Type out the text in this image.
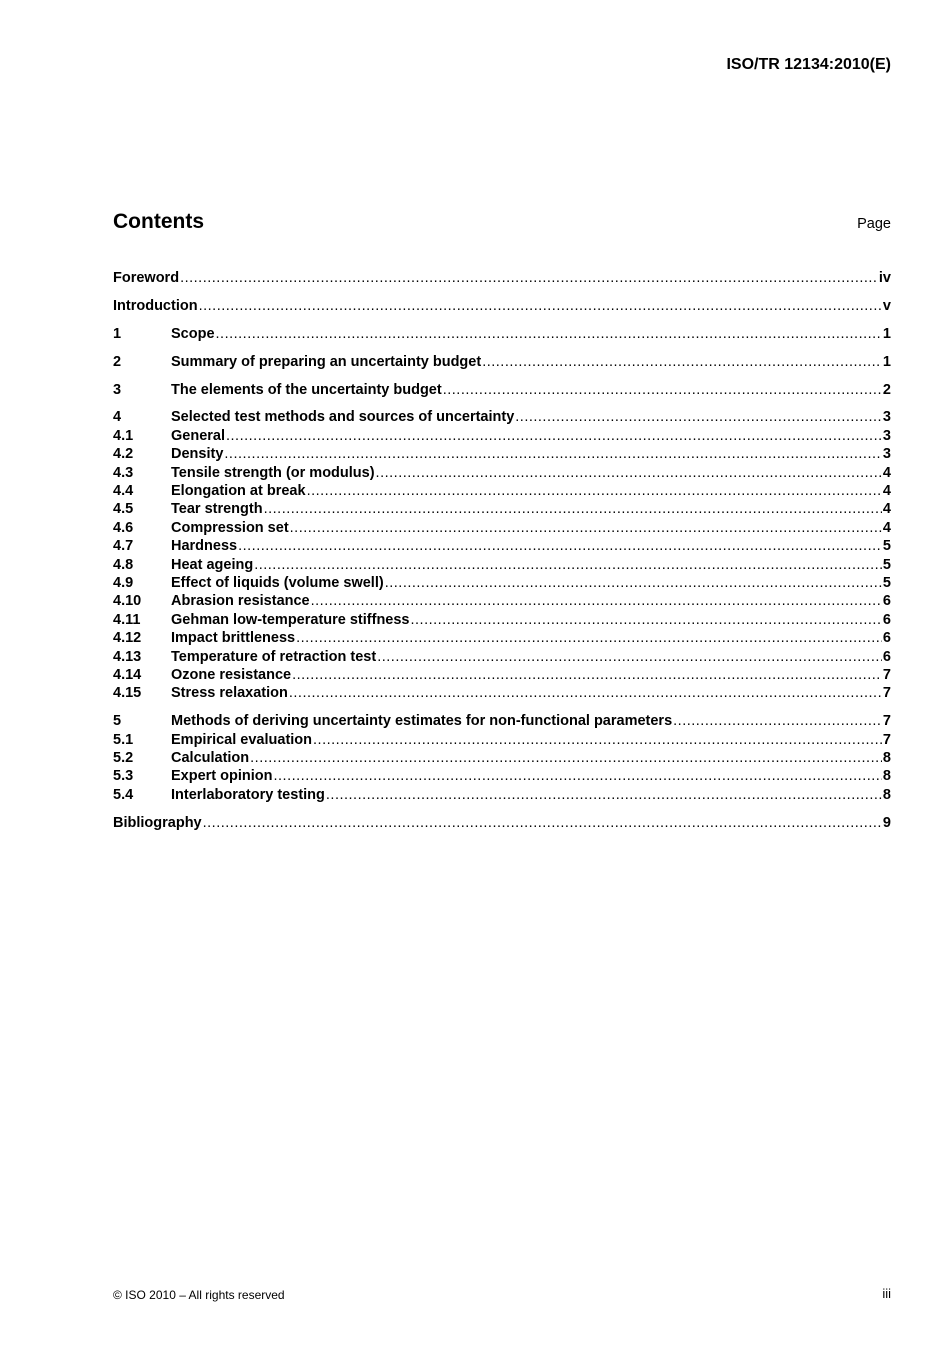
ISO/TR 12134:2010(E)
Contents	Page
Foreword .....	iv
Introduction .....	v
1	Scope .....	1
2	Summary of preparing an uncertainty budget .....	1
3	The elements of the uncertainty budget .....	2
4	Selected test methods and sources of uncertainty .....	3
4.1	General .....	3
4.2	Density .....	3
4.3	Tensile strength (or modulus) .....	4
4.4	Elongation at break .....	4
4.5	Tear strength .....	4
4.6	Compression set .....	4
4.7	Hardness .....	5
4.8	Heat ageing .....	5
4.9	Effect of liquids (volume swell) .....	5
4.10	Abrasion resistance .....	6
4.11	Gehman low-temperature stiffness .....	6
4.12	Impact brittleness .....	6
4.13	Temperature of retraction test .....	6
4.14	Ozone resistance .....	7
4.15	Stress relaxation .....	7
5	Methods of deriving uncertainty estimates for non-functional parameters .....	7
5.1	Empirical evaluation .....	7
5.2	Calculation .....	8
5.3	Expert opinion .....	8
5.4	Interlaboratory testing .....	8
Bibliography .....	9
© ISO 2010 – All rights reserved	iii
